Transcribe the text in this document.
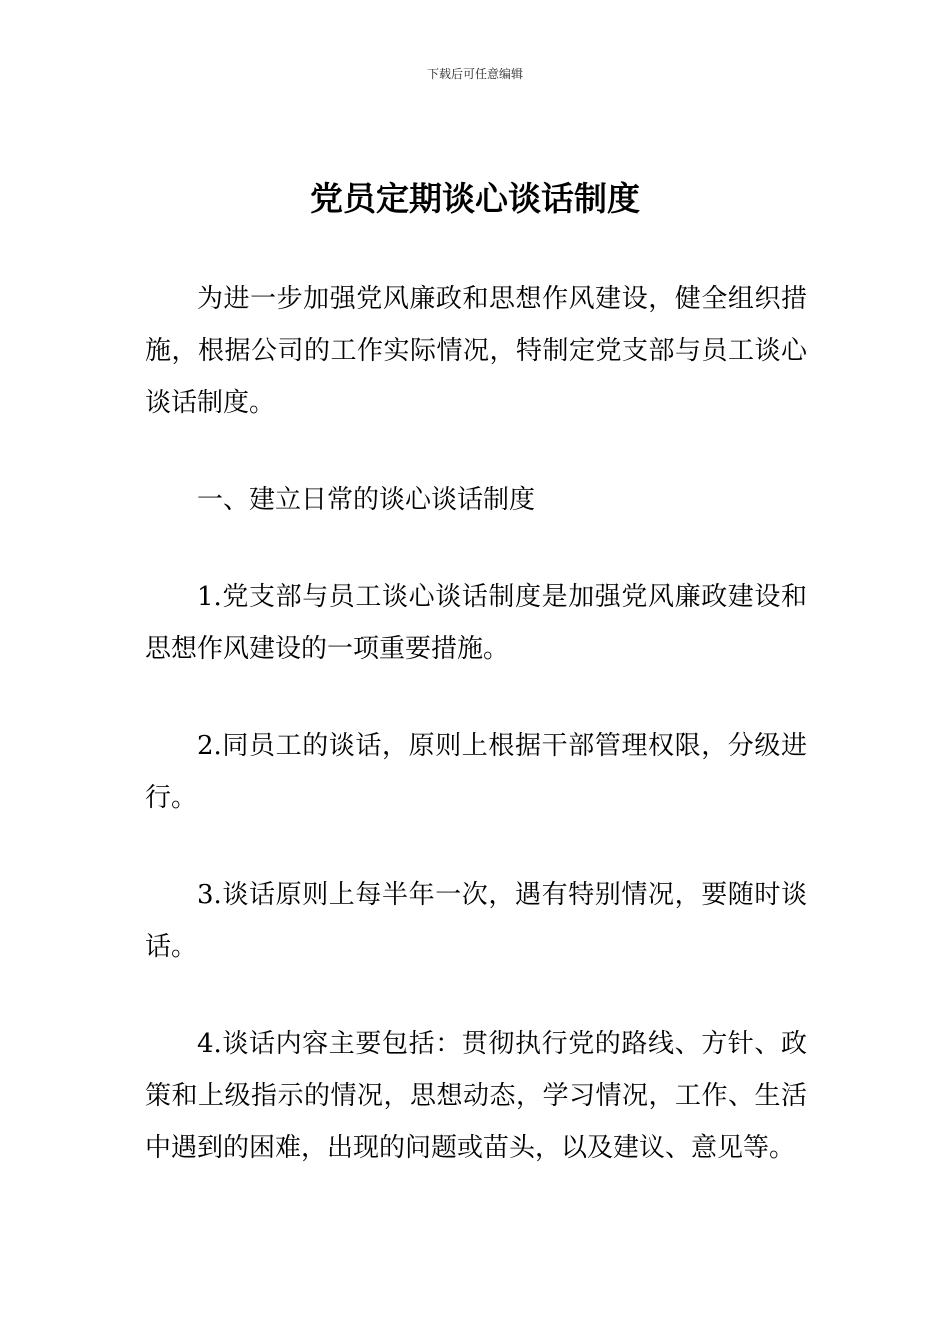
下载后可任意编辑
党员定期谈心谈话制度

为进一步加强党风廉政和思想作风建设，健全组织措施，根据公司的工作实际情况，特制定党支部与员工谈心谈话制度。

一、建立日常的谈心谈话制度

1.党支部与员工谈心谈话制度是加强党风廉政建设和思想作风建设的一项重要措施。

2.同员工的谈话，原则上根据干部管理权限，分级进行。

3.谈话原则上每半年一次，遇有特别情况，要随时谈话。

4.谈话内容主要包括：贯彻执行党的路线、方针、政策和上级指示的情况，思想动态，学习情况，工作、生活中遇到的困难，出现的问题或苗头，以及建议、意见等。
